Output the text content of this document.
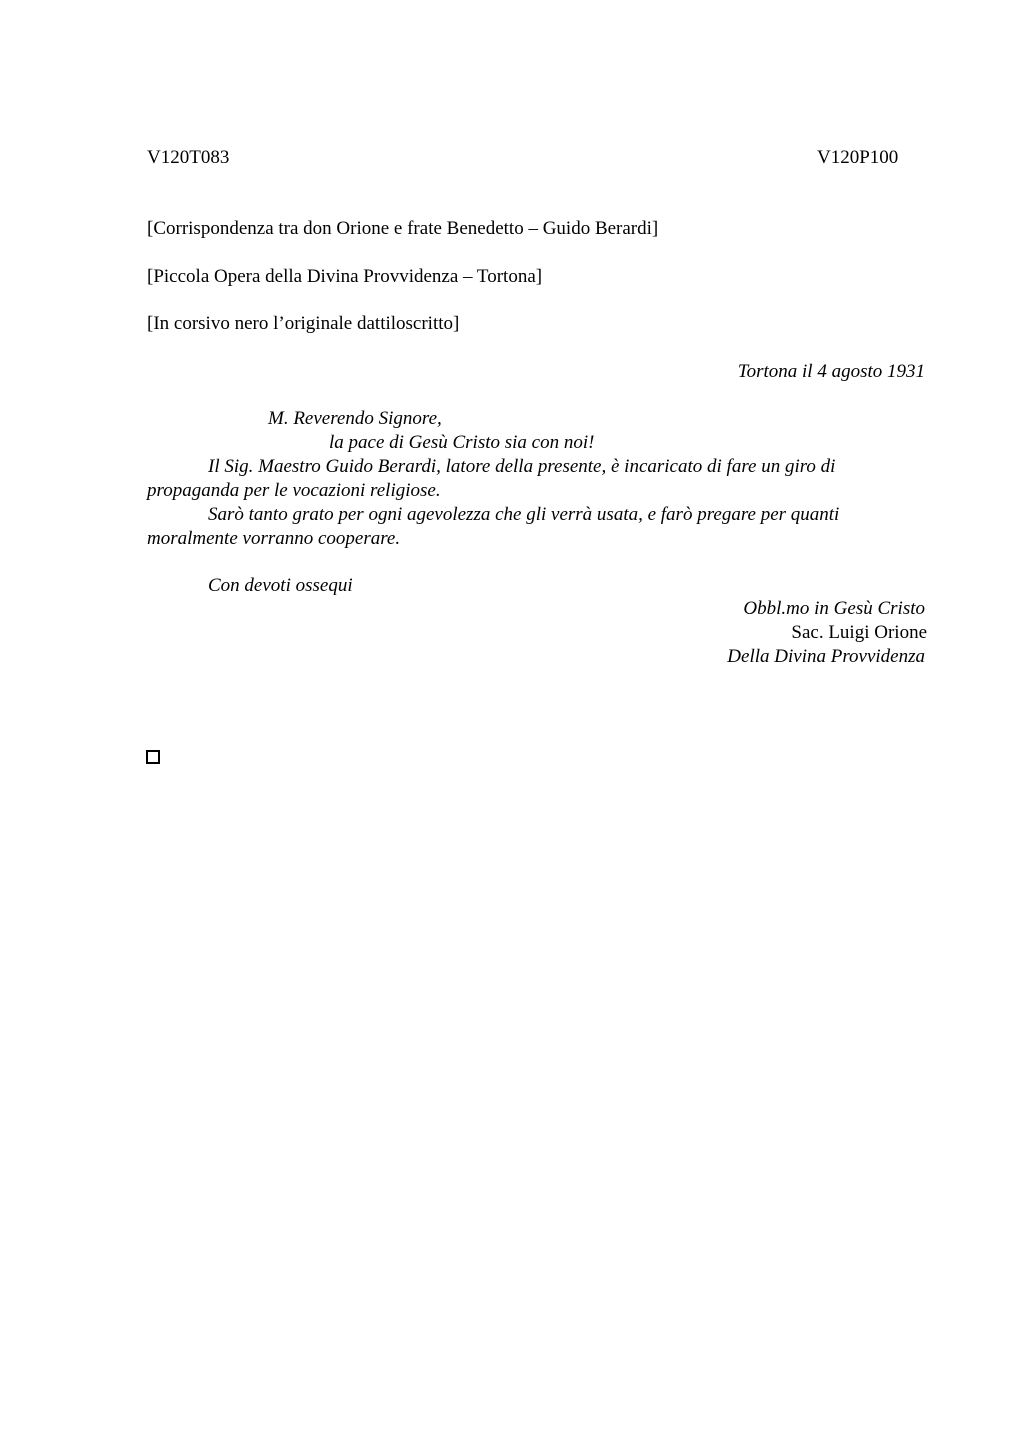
V120T083	V120P100
[Corrispondenza tra don Orione e frate Benedetto – Guido Berardi]
[Piccola Opera della Divina Provvidenza – Tortona]
[In corsivo nero l’originale dattiloscritto]
Tortona il 4 agosto 1931
M. Reverendo Signore,
la pace di Gesù Cristo sia con noi!
Il Sig. Maestro Guido Berardi, latore della presente, è incaricato di fare un giro di propaganda per le vocazioni religiose.
Sarò tanto grato per ogni agevolezza che gli verrà usata, e farò pregare per quanti moralmente vorranno cooperare.
Con devoti ossequi
Obbl.mo in Gesù Cristo
Sac. Luigi Orione
Della Divina Provvidenza
